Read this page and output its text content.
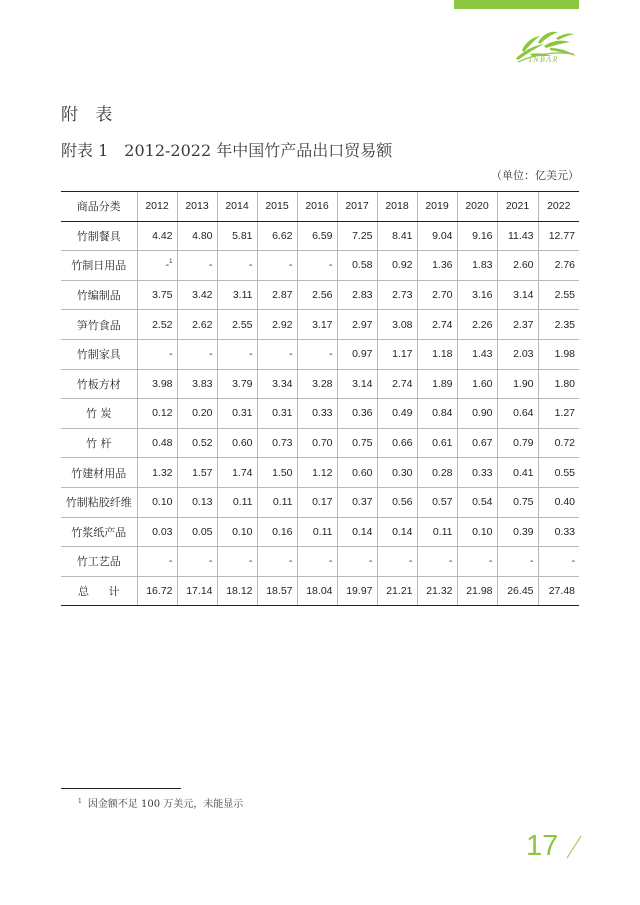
INBAR
附 表
附表 1 2012-2022 年中国竹产品出口贸易额
（单位：亿美元）
商品分类	2012	2013	2014	2015	2016	2017	2018	2019	2020	2021	2022
竹制餐具	4.42	4.80	5.81	6.62	6.59	7.25	8.41	9.04	9.16	11.43	12.77
竹制日用品	-$^1$	-	-	-	-	0.58	0.92	1.36	1.83	2.60	2.76
竹编制品	3.75	3.42	3.11	2.87	2.56	2.83	2.73	2.70	3.16	3.14	2.55
笋竹食品	2.52	2.62	2.55	2.92	3.17	2.97	3.08	2.74	2.26	2.37	2.35
竹制家具	-	-	-	-	-	0.97	1.17	1.18	1.43	2.03	1.98
竹板方材	3.98	3.83	3.79	3.34	3.28	3.14	2.74	1.89	1.60	1.90	1.80
竹 炭	0.12	0.20	0.31	0.31	0.33	0.36	0.49	0.84	0.90	0.64	1.27
竹 杆	0.48	0.52	0.60	0.73	0.70	0.75	0.66	0.61	0.67	0.79	0.72
竹建材用品	1.32	1.57	1.74	1.50	1.12	0.60	0.30	0.28	0.33	0.41	0.55
竹制粘胶纤维	0.10	0.13	0.11	0.11	0.17	0.37	0.56	0.57	0.54	0.75	0.40
竹浆纸产品	0.03	0.05	0.10	0.16	0.11	0.14	0.14	0.11	0.10	0.39	0.33
竹工艺品	-	-	-	-	-	-	-	-	-	-	-
总 计	16.72	17.14	18.12	18.57	18.04	19.97	21.21	21.32	21.98	26.45	27.48
$^1$ 因金额不足 100 万美元，未能显示
17
